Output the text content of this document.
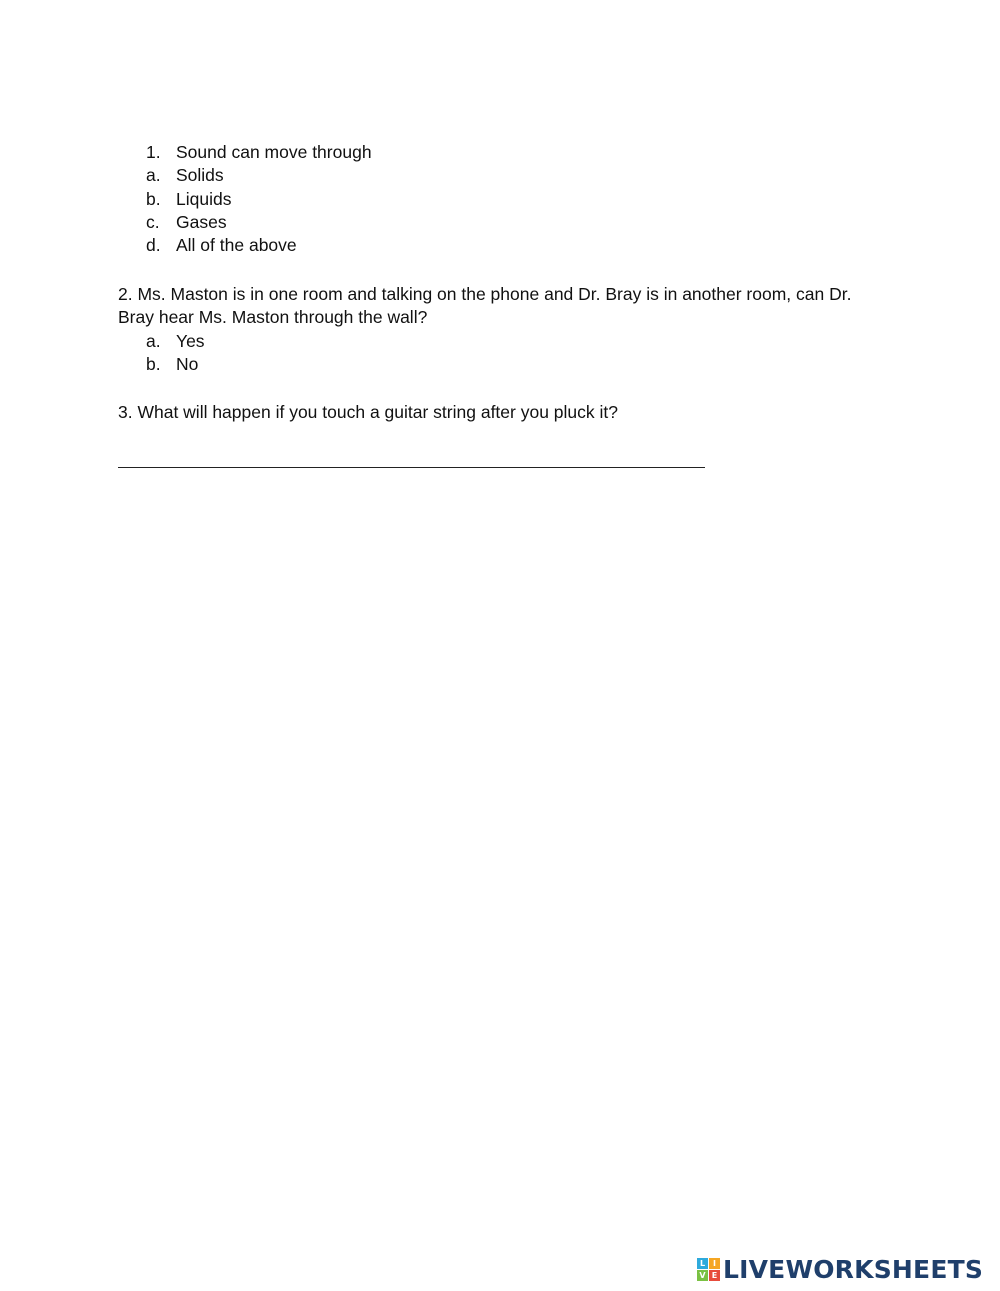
1. Sound can move through
a. Solids
b. Liquids
c. Gases
d. All of the above
2. Ms. Maston is in one room and talking on the phone and Dr. Bray is in another room, can Dr.
Bray hear Ms. Maston through the wall?
a. Yes
b. No
3. What will happen if you touch a guitar string after you pluck it?
L I
V E LIVEWORKSHEETS
